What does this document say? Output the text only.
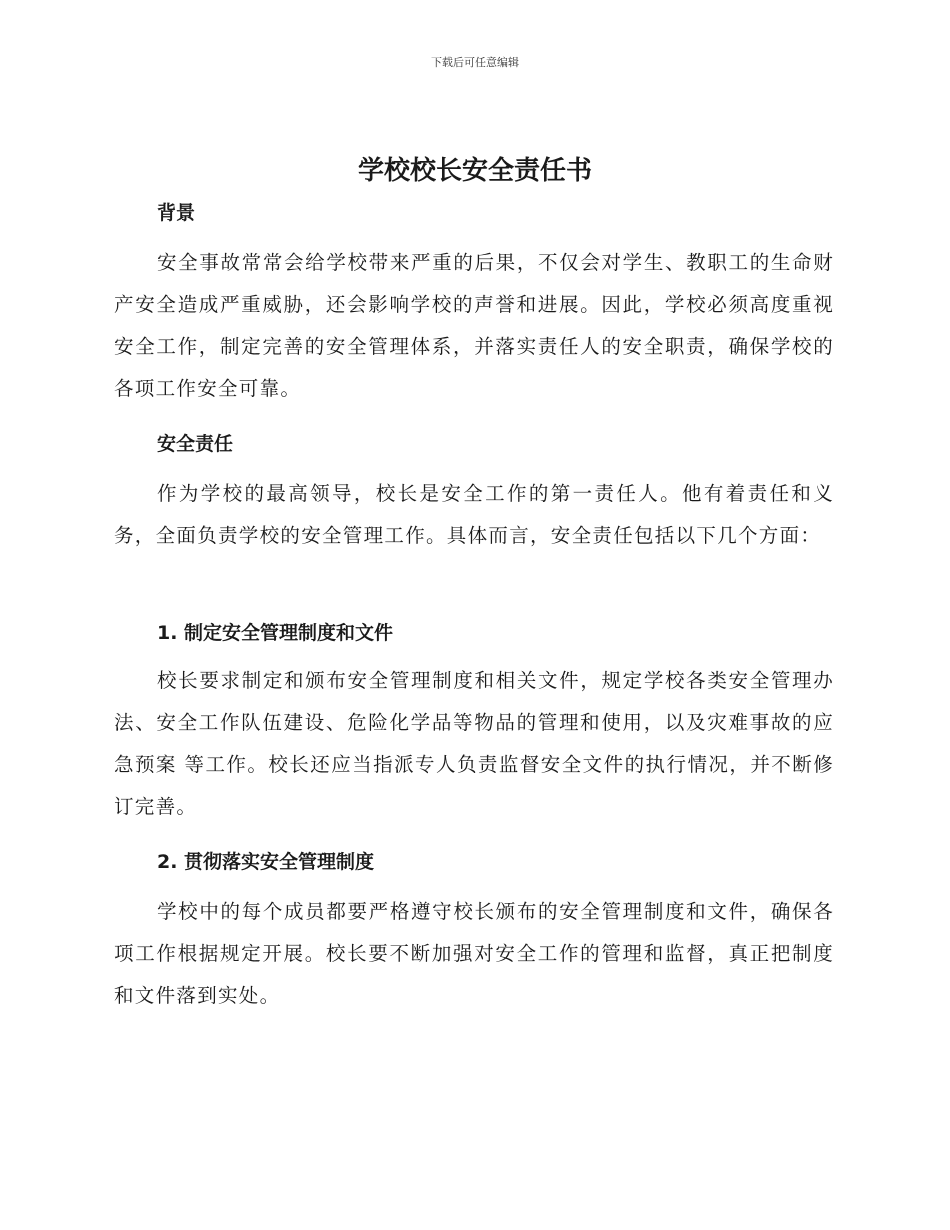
下载后可任意编辑
学校校长安全责任书
背景
安全事故常常会给学校带来严重的后果，不仅会对学生、教职工的生命财产安全造成严重威胁，还会影响学校的声誉和进展。因此，学校必须高度重视安全工作，制定完善的安全管理体系，并落实责任人的安全职责，确保学校的各项工作安全可靠。
安全责任
作为学校的最高领导，校长是安全工作的第一责任人。他有着责任和义务，全面负责学校的安全管理工作。具体而言，安全责任包括以下几个方面：
1. 制定安全管理制度和文件
校长要求制定和颁布安全管理制度和相关文件，规定学校各类安全管理办法、安全工作队伍建设、危险化学品等物品的管理和使用，以及灾难事故的应急预案 等工作。校长还应当指派专人负责监督安全文件的执行情况，并不断修订完善。
2. 贯彻落实安全管理制度
学校中的每个成员都要严格遵守校长颁布的安全管理制度和文件，确保各项工作根据规定开展。校长要不断加强对安全工作的管理和监督，真正把制度和文件落到实处。
